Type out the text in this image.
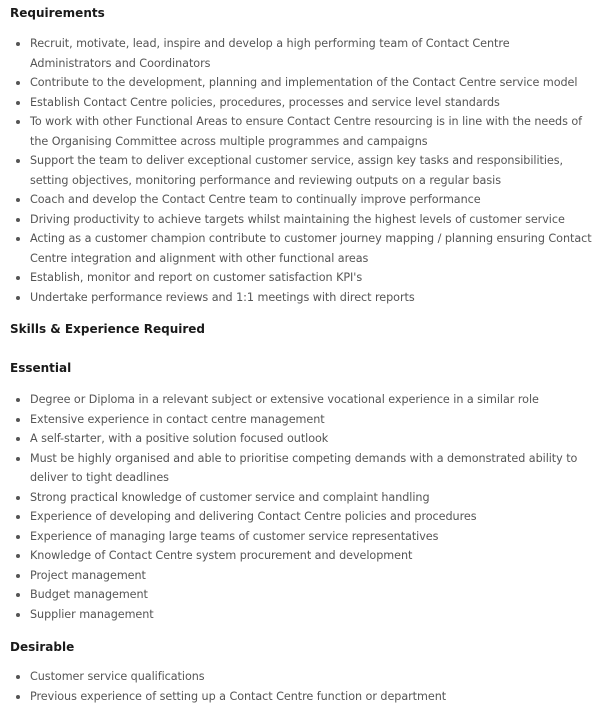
Requirements
Recruit, motivate, lead, inspire and develop a high performing team of Contact Centre Administrators and Coordinators
Contribute to the development, planning and implementation of the Contact Centre service model
Establish Contact Centre policies, procedures, processes and service level standards
To work with other Functional Areas to ensure Contact Centre resourcing is in line with the needs of the Organising Committee across multiple programmes and campaigns
Support the team to deliver exceptional customer service, assign key tasks and responsibilities, setting objectives, monitoring performance and reviewing outputs on a regular basis
Coach and develop the Contact Centre team to continually improve performance
Driving productivity to achieve targets whilst maintaining the highest levels of customer service
Acting as a customer champion contribute to customer journey mapping / planning ensuring Contact Centre integration and alignment with other functional areas
Establish, monitor and report on customer satisfaction KPI's
Undertake performance reviews and 1:1 meetings with direct reports
Skills & Experience Required
Essential
Degree or Diploma in a relevant subject or extensive vocational experience in a similar role
Extensive experience in contact centre management
A self-starter, with a positive solution focused outlook
Must be highly organised and able to prioritise competing demands with a demonstrated ability to deliver to tight deadlines
Strong practical knowledge of customer service and complaint handling
Experience of developing and delivering Contact Centre policies and procedures
Experience of managing large teams of customer service representatives
Knowledge of Contact Centre system procurement and development
Project management
Budget management
Supplier management
Desirable
Customer service qualifications
Previous experience of setting up a Contact Centre function or department
